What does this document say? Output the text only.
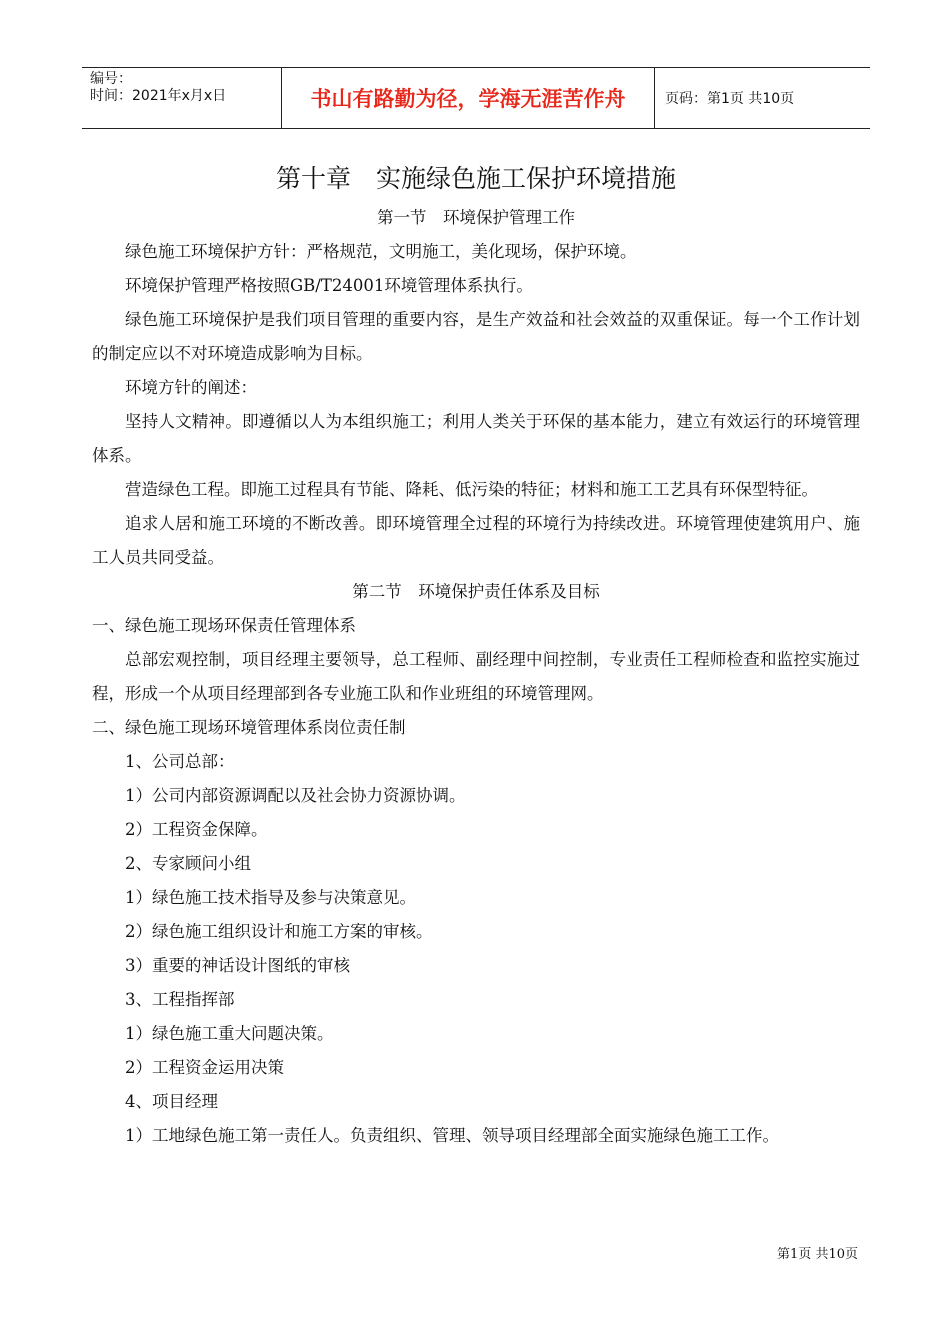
编号：
时间：2021年x月x日	书山有路勤为径，学海无涯苦作舟	页码：第1页 共10页
第十章　实施绿色施工保护环境措施
第一节　环境保护管理工作
绿色施工环境保护方针：严格规范，文明施工，美化现场，保护环境。
环境保护管理严格按照GB/T24001环境管理体系执行。
绿色施工环境保护是我们项目管理的重要内容，是生产效益和社会效益的双重保证。每一个工作计划的制定应以不对环境造成影响为目标。
环境方针的阐述：
坚持人文精神。即遵循以人为本组织施工；利用人类关于环保的基本能力，建立有效运行的环境管理体系。
营造绿色工程。即施工过程具有节能、降耗、低污染的特征；材料和施工工艺具有环保型特征。
追求人居和施工环境的不断改善。即环境管理全过程的环境行为持续改进。环境管理使建筑用户、施工人员共同受益。
第二节　环境保护责任体系及目标
一、绿色施工现场环保责任管理体系
总部宏观控制，项目经理主要领导，总工程师、副经理中间控制，专业责任工程师检查和监控实施过程，形成一个从项目经理部到各专业施工队和作业班组的环境管理网。
二、绿色施工现场环境管理体系岗位责任制
1、公司总部：
1）公司内部资源调配以及社会协力资源协调。
2）工程资金保障。
2、专家顾问小组
1）绿色施工技术指导及参与决策意见。
2）绿色施工组织设计和施工方案的审核。
3）重要的神话设计图纸的审核
3、工程指挥部
1）绿色施工重大问题决策。
2）工程资金运用决策
4、项目经理
1）工地绿色施工第一责任人。负责组织、管理、领导项目经理部全面实施绿色施工工作。
第1页 共10页
